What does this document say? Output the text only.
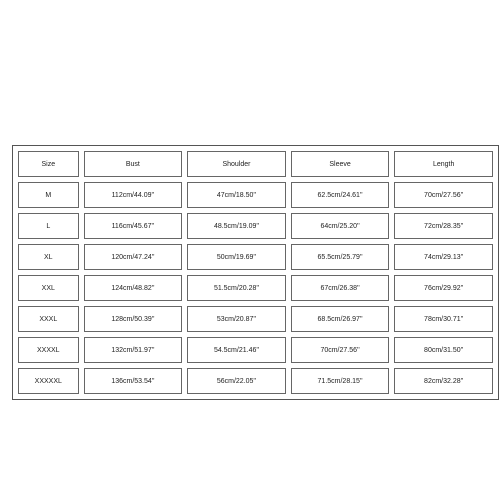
Size	Bust	Shoulder	Sleeve	Length
M	112cm/44.09''	47cm/18.50''	62.5cm/24.61''	70cm/27.56''
L	116cm/45.67''	48.5cm/19.09''	64cm/25.20''	72cm/28.35''
XL	120cm/47.24''	50cm/19.69''	65.5cm/25.79''	74cm/29.13''
XXL	124cm/48.82''	51.5cm/20.28''	67cm/26.38''	76cm/29.92''
XXXL	128cm/50.39''	53cm/20.87''	68.5cm/26.97''	78cm/30.71''
XXXXL	132cm/51.97''	54.5cm/21.46''	70cm/27.56''	80cm/31.50''
XXXXXL	136cm/53.54''	56cm/22.05''	71.5cm/28.15''	82cm/32.28''
